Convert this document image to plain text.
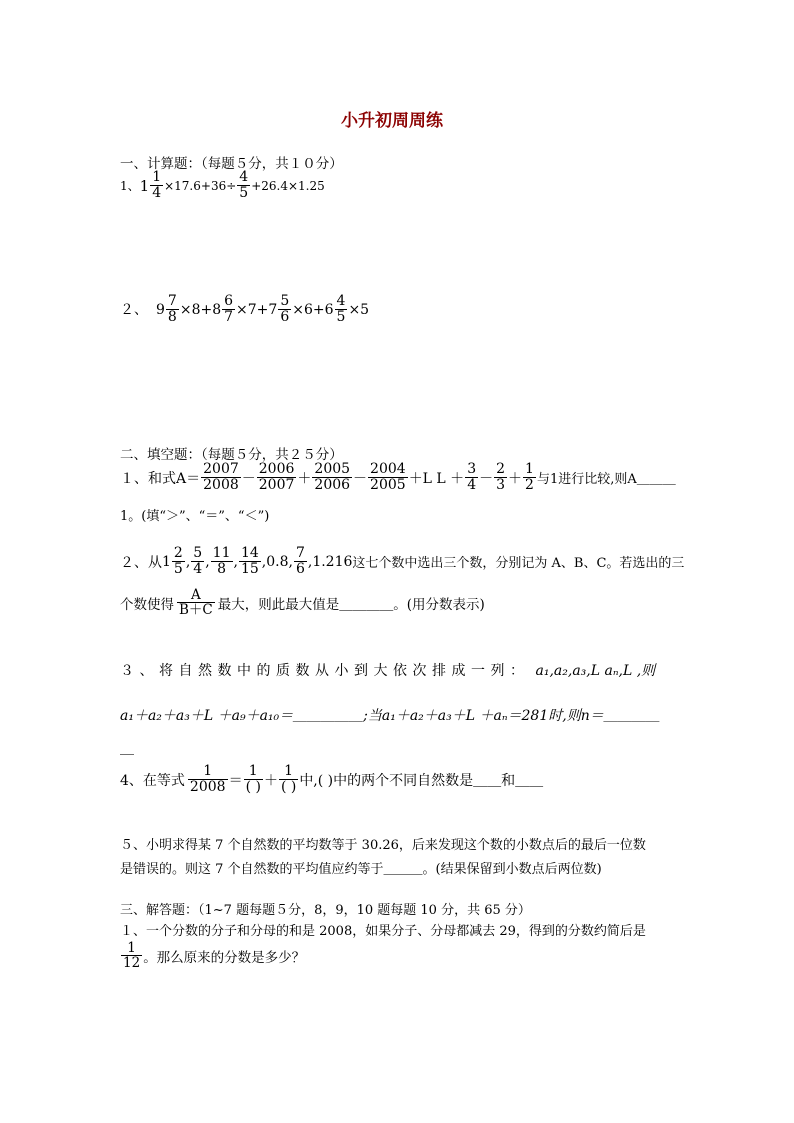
小升初周周练
一、计算题：（每题５分，共１０分）
1、 $1 \frac{1}{4} \times 17.6+36\div \frac{4}{5} +26.4\times 1.25$
２、 $9 \frac{7}{8} \times 8+8 \frac{6}{7} \times 7+7 \frac{5}{6} \times 6+6 \frac{4}{5} \times 5$
二、填空题：（每题５分，共２５分）
１、和式$A= \frac{2007}{2008} - \frac{2006}{2007} + \frac{2005}{2006} - \frac{2004}{2005} +L$ $L + \frac{3}{4} - \frac{2}{3} + \frac{1}{2}$ 与1进行比较,则A＿＿＿
1。(填“＞”、“＝”、“＜”)
２、从 $1 \frac{2}{5}$ , $\frac{5}{4}$ , $\frac{11}{8}$ , $\frac{14}{15} ,0.8$, $\frac{7}{6} ,1.216$ 这七个数中选出三个数，分别记为 A、B、C。若选出的三
个数使得 $\frac{A}{B+C}$ 最大，则此最大值是＿＿＿＿。(用分数表示)
３、将自然数中的质数从小到大依次排成一列： a₁,a₂,a₃,L aₙ,L ,则
a₁＋a₂＋a₃＋L ＋a₉＋a₁₀＝＿＿＿＿＿;当a₁＋a₂＋a₃＋L ＋aₙ＝281时,则n＝＿＿＿＿
＿
4、在等式 $\frac{1}{2008} = \frac{1}{( )} + \frac{1}{( )}$ 中,( )中的两个不同自然数是＿＿和＿＿
５、小明求得某 7 个自然数的平均数等于 30.26，后来发现这个数的小数点后的最后一位数
是错误的。则这 7 个自然数的平均值应约等于＿＿＿。(结果保留到小数点后两位数)
三、解答题：（1~7 题每题５分，8，9，10 题每题 10 分，共 65 分）
１、一个分数的分子和分母的和是 2008，如果分子、分母都减去 29，得到的分数约简后是
$\frac{1}{12}$ 。那么原来的分数是多少？
